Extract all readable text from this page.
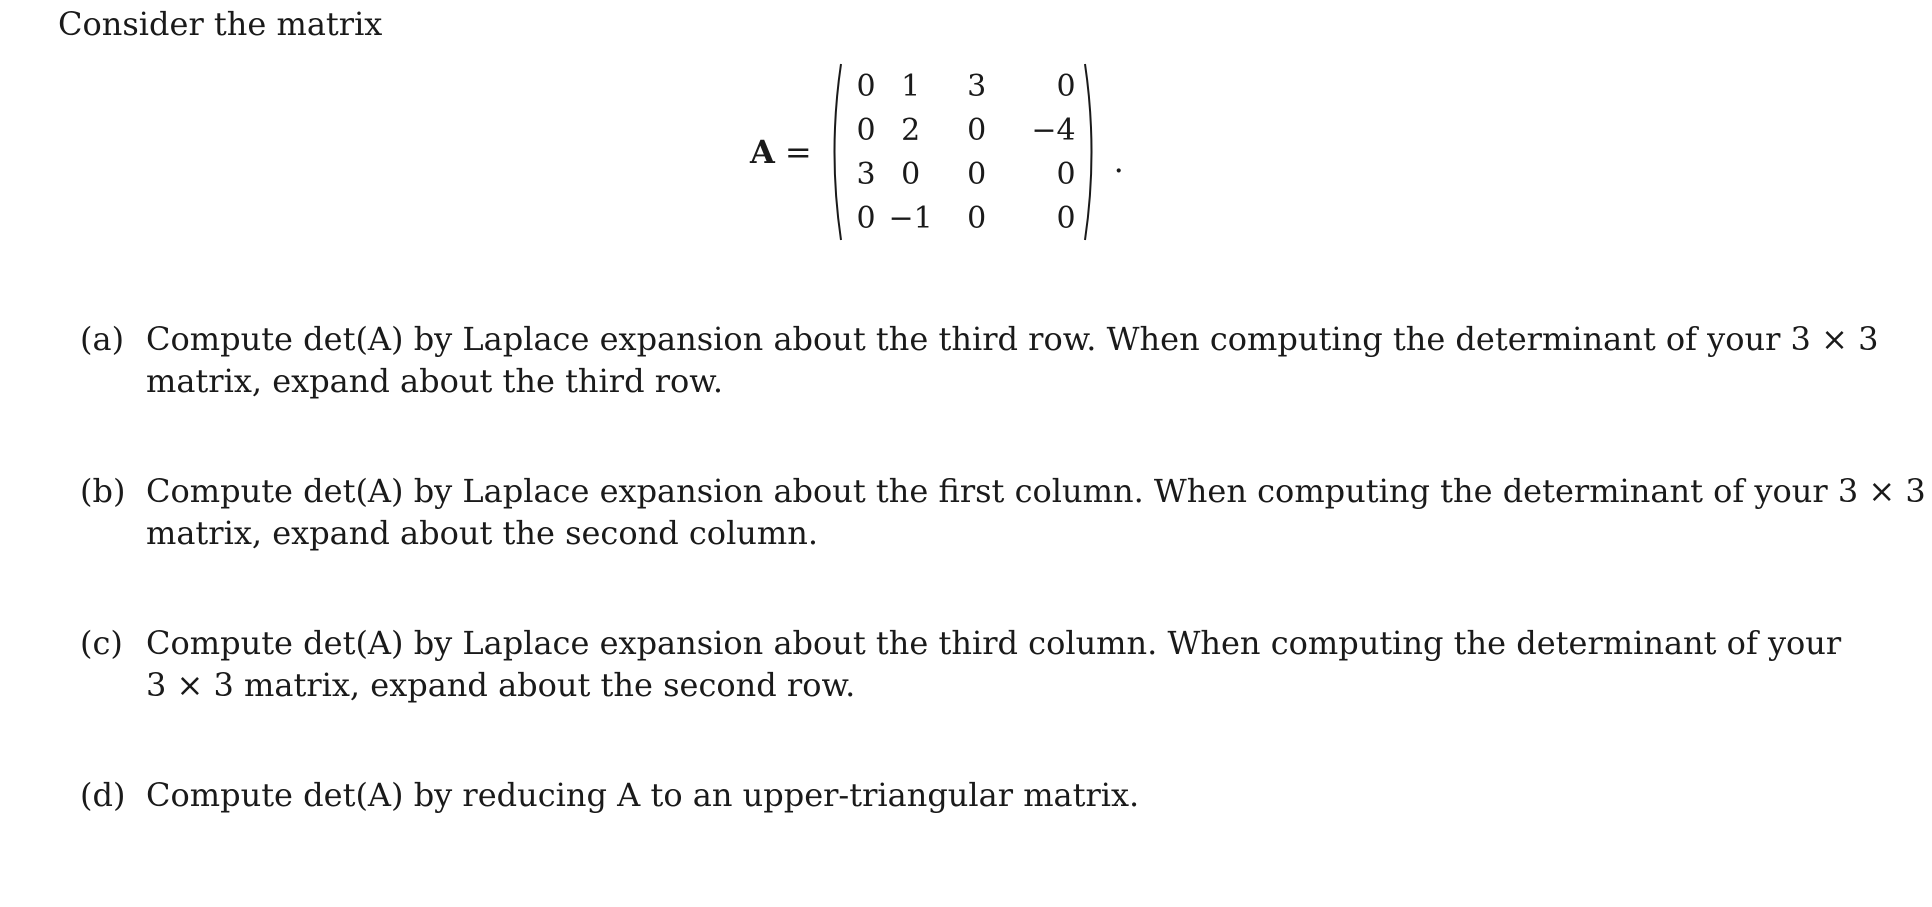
Consider the matrix
A =
0 1	3	0
0 2	0	−4
3 0	0	0
0 −1	0	0
.
(a) Compute det(A) by Laplace expansion about the third row. When computing the determinant of your 3 × 3
matrix, expand about the third row.
(b) Compute det(A) by Laplace expansion about the first column. When computing the determinant of your 3 × 3
matrix, expand about the second column.
(c) Compute det(A) by Laplace expansion about the third column. When computing the determinant of your
3 × 3 matrix, expand about the second row.
(d) Compute det(A) by reducing A to an upper-triangular matrix.
